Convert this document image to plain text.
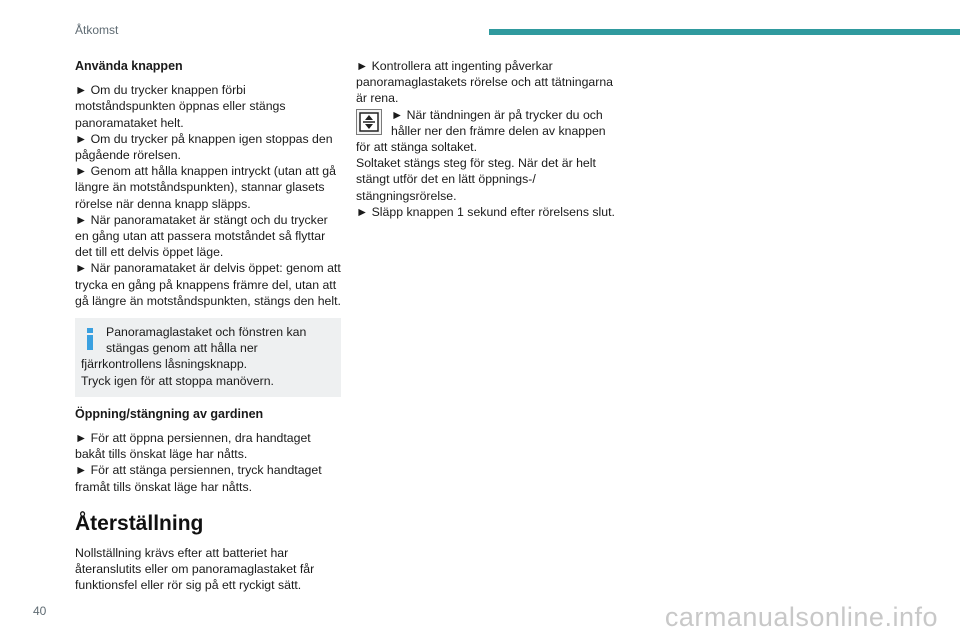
Åtkomst

Använda knappen

► Om du trycker knappen förbi motståndspunkten öppnas eller stängs panoramataket helt.

► Om du trycker på knappen igen stoppas den pågående rörelsen.

► Genom att hålla knappen intryckt (utan att gå längre än motståndspunkten), stannar glasets rörelse när denna knapp släpps.

► När panoramataket är stängt och du trycker en gång utan att passera motståndet så flyttar det till ett delvis öppet läge.

► När panoramataket är delvis öppet: genom att trycka en gång på knappens främre del, utan att gå längre än motståndspunkten, stängs den helt.

Panoramaglastaket och fönstren kan

stängas genom att hålla ner

fjärrkontrollens låsningsknapp.

Tryck igen för att stoppa manövern.

Öppning/stängning av gardinen

► För att öppna persiennen, dra handtaget bakåt tills önskat läge har nåtts.

► För att stänga persiennen, tryck handtaget framåt tills önskat läge har nåtts.

Återställning

Nollställning krävs efter att batteriet har återanslutits eller om panoramaglastaket får funktionsfel eller rör sig på ett ryckigt sätt.

► Kontrollera att ingenting påverkar panoramaglastakets rörelse och att tätningarna är rena.

► När tändningen är på trycker du och

håller ner den främre delen av knappen

för att stänga soltaket.

Soltaket stängs steg för steg. När det är helt stängt utför det en lätt öppnings-/ stängningsrörelse.

► Släpp knappen 1 sekund efter rörelsens slut.

40	carmanualsonline.info
